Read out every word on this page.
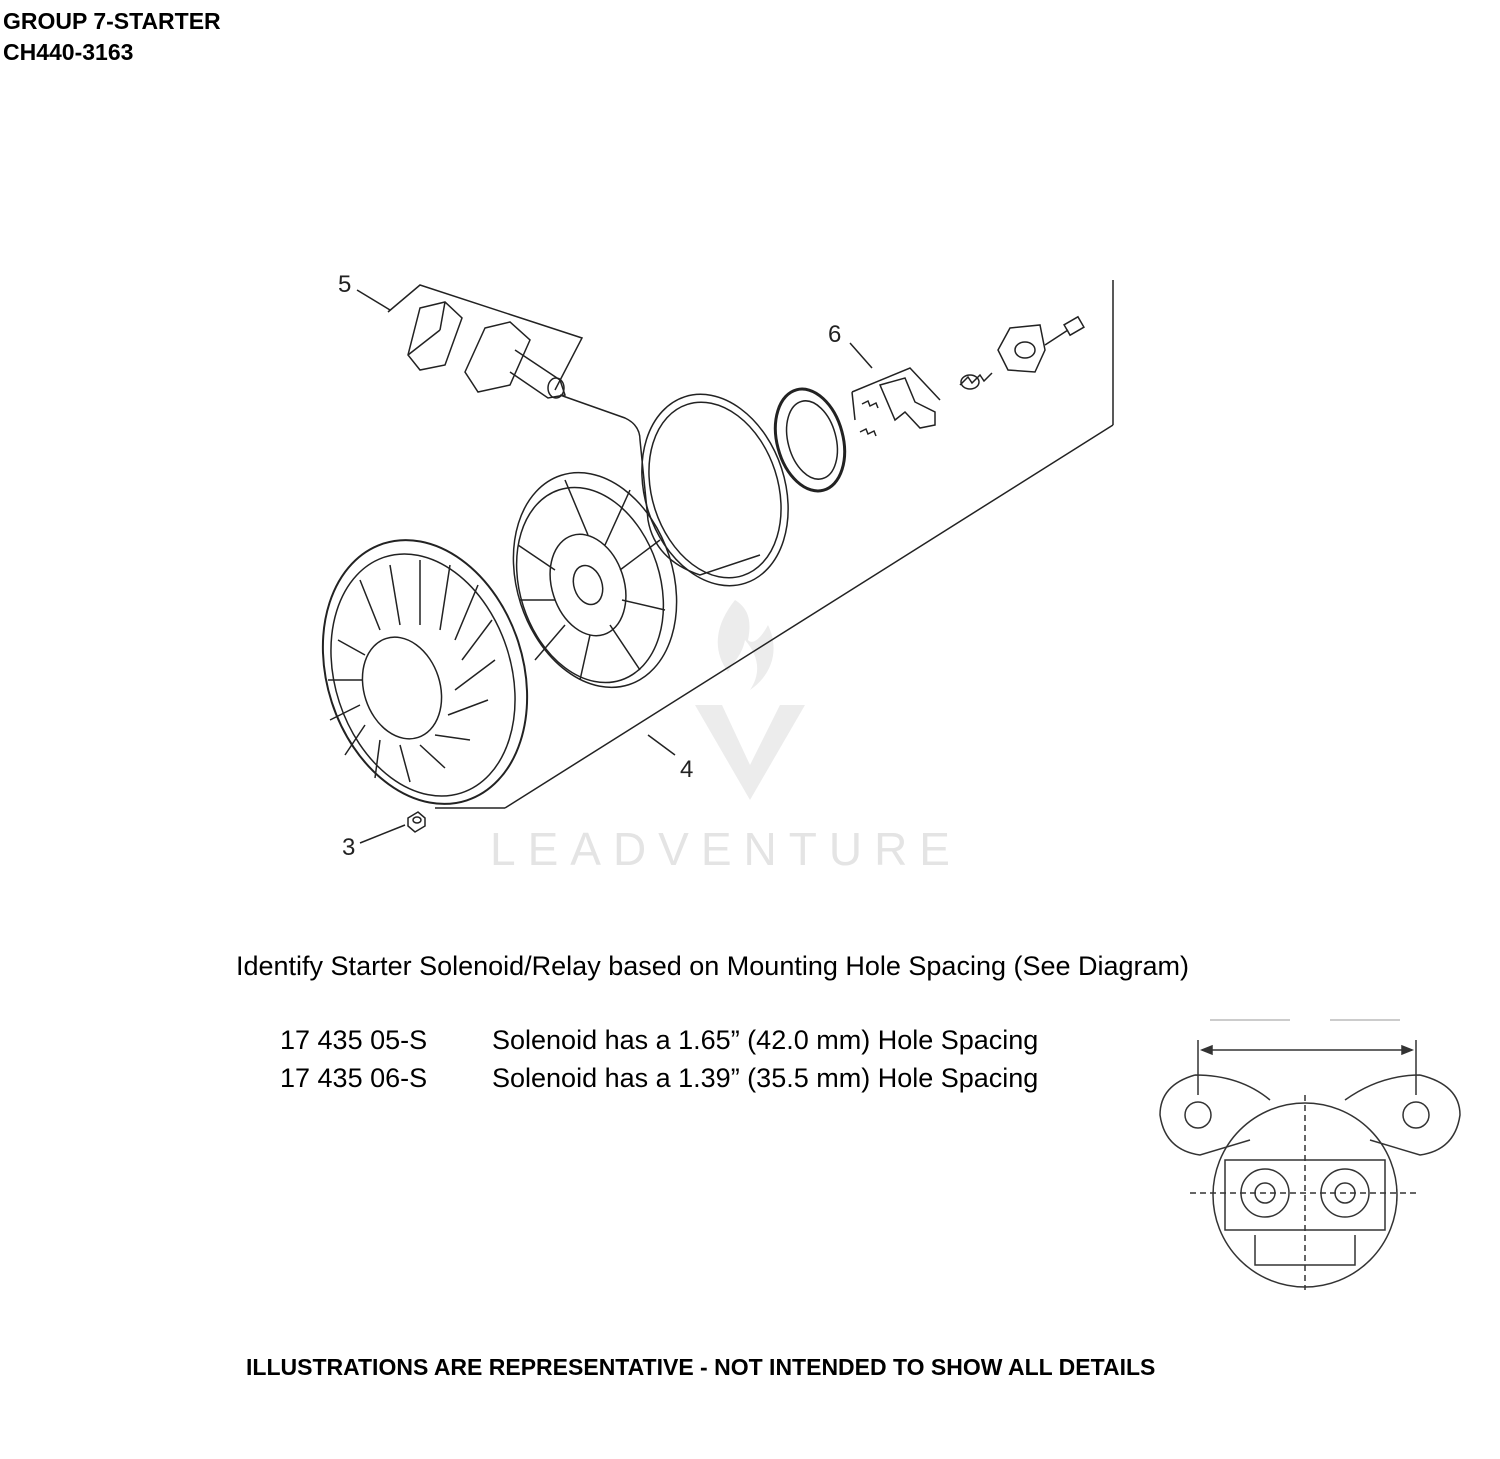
GROUP 7-STARTER
CH440-3163
LEADVENTURE
5
6
4
3
Identify Starter Solenoid/Relay based on Mounting Hole Spacing (See Diagram)
17 435 05-S Solenoid has a 1.65” (42.0 mm) Hole Spacing
17 435 06-S Solenoid has a 1.39” (35.5 mm) Hole Spacing
ILLUSTRATIONS ARE REPRESENTATIVE - NOT INTENDED TO SHOW ALL DETAILS
